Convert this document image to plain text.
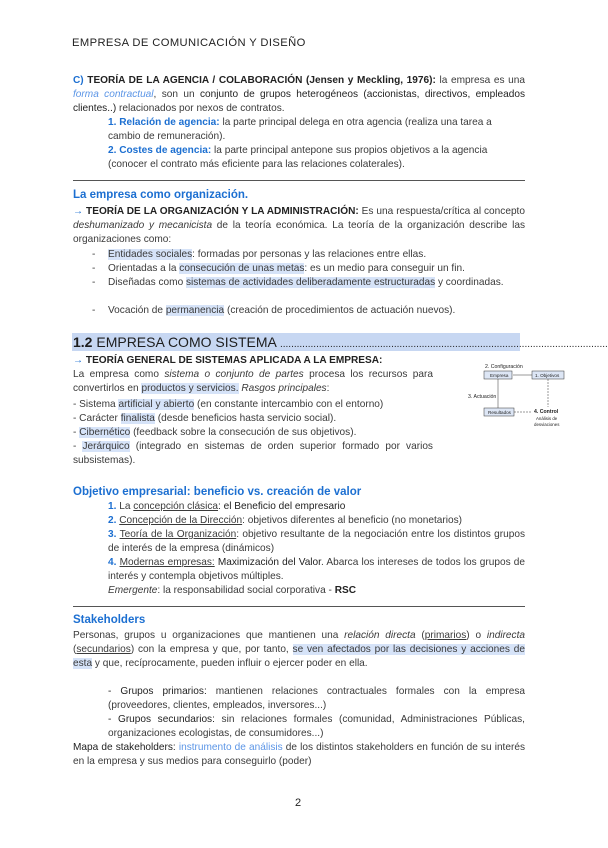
EMPRESA DE COMUNICACIÓN Y DISEÑO
C) TEORÍA DE LA AGENCIA / COLABORACIÓN (Jensen y Meckling, 1976): la empresa es una forma contractual, son un conjunto de grupos heterogéneos (accionistas, directivos, empleados clientes..) relacionados por nexos de contratos.
1. Relación de agencia: la parte principal delega en otra agencia (realiza una tarea a cambio de remuneración).
2. Costes de agencia: la parte principal antepone sus propios objetivos a la agencia (conocer el contrato más eficiente para las relaciones colaterales).
La empresa como organización.
→ TEORÍA DE LA ORGANIZACIÓN Y LA ADMINISTRACIÓN: Es una respuesta/crítica al concepto deshumanizado y mecanicista de la teoría económica. La teoría de la organización describe las organizaciones como:
- Entidades sociales: formadas por personas y las relaciones entre ellas.
- Orientadas a la consecución de unas metas: es un medio para conseguir un fin.
- Diseñadas como sistemas de actividades deliberadamente estructuradas y coordinadas.
- Vocación de permanencia (creación de procedimientos de actuación nuevos).
1.2 EMPRESA COMO SISTEMA ......................................................................................................................
→ TEORÍA GENERAL DE SISTEMAS APLICADA A LA EMPRESA:
La empresa como sistema o conjunto de partes procesa los recursos para convertirlos en productos y servicios. Rasgos principales:
- Sistema artificial y abierto (en constante intercambio con el entorno)
- Carácter finalista (desde beneficios hasta servicio social).
- Cibernético (feedback sobre la consecución de sus objetivos).
- Jerárquico (integrado en sistemas de orden superior formado por varios subsistemas).
2. Configuración
Empresa	1. Objetivos
3. Actuación
Resultados	4. Control
Análisis de
desviaciones
Objetivo empresarial: beneficio vs. creación de valor
1. La concepción clásica: el Beneficio del empresario
2. Concepción de la Dirección: objetivos diferentes al beneficio (no monetarios)
3. Teoría de la Organización: objetivo resultante de la negociación entre los distintos grupos de interés de la empresa (dinámicos)
4. Modernas empresas: Maximización del Valor. Abarca los intereses de todos los grupos de interés y contempla objetivos múltiples.
Emergente: la responsabilidad social corporativa - RSC
Stakeholders
Personas, grupos u organizaciones que mantienen una relación directa (primarios) o indirecta (secundarios) con la empresa y que, por tanto, se ven afectados por las decisiones y acciones de esta y que, recíprocamente, pueden influir o ejercer poder en ella.
- Grupos primarios: mantienen relaciones contractuales formales con la empresa (proveedores, clientes, empleados, inversores...)
- Grupos secundarios: sin relaciones formales (comunidad, Administraciones Públicas, organizaciones ecologistas, de consumidores...)
Mapa de stakeholders: instrumento de análisis de los distintos stakeholders en función de su interés en la empresa y sus medios para conseguirlo (poder)
2
